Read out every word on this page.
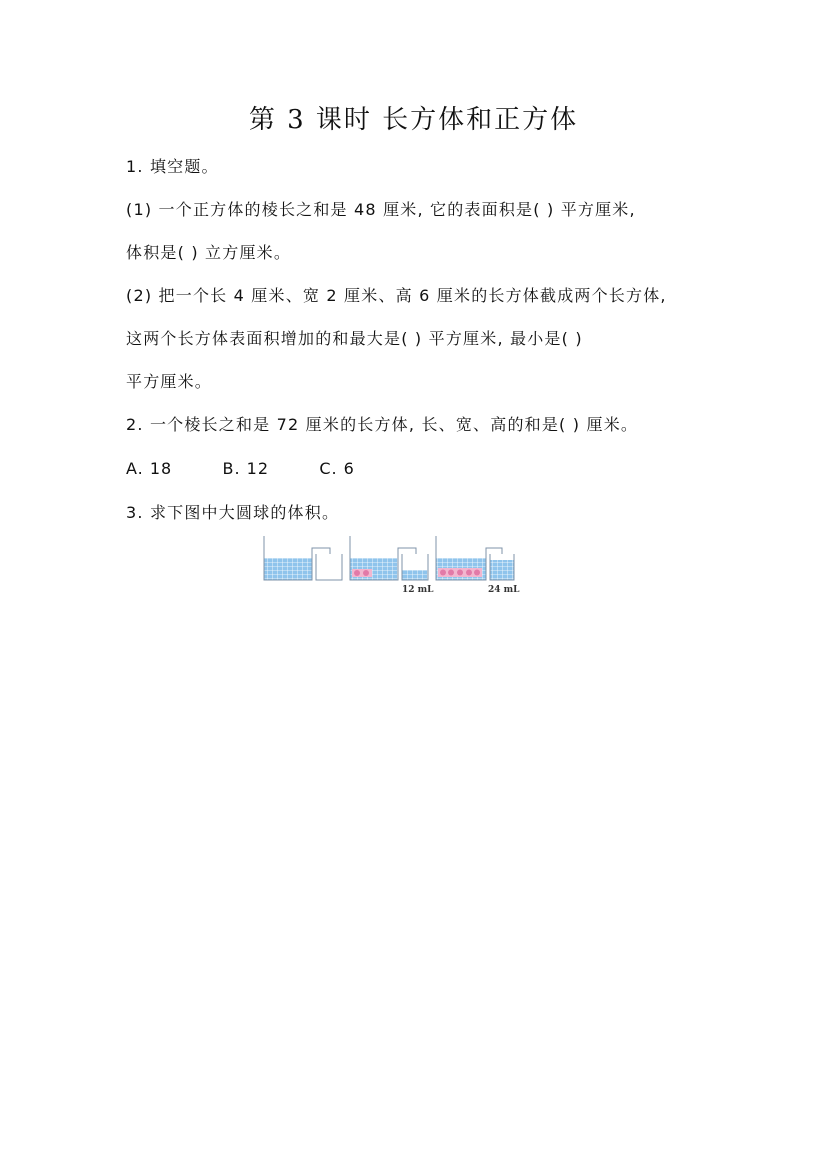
第 3 课时 长方体和正方体
1. 填空题。
(1) 一个正方体的棱长之和是 48 厘米, 它的表面积是( ) 平方厘米,
体积是( ) 立方厘米。
(2) 把一个长 4 厘米、宽 2 厘米、高 6 厘米的长方体截成两个长方体,
这两个长方体表面积增加的和最大是( ) 平方厘米, 最小是( )
平方厘米。
2. 一个棱长之和是 72 厘米的长方体, 长、宽、高的和是( ) 厘米。
A. 18	B. 12	C. 6
3. 求下图中大圆球的体积。
12 mL	24 mL
